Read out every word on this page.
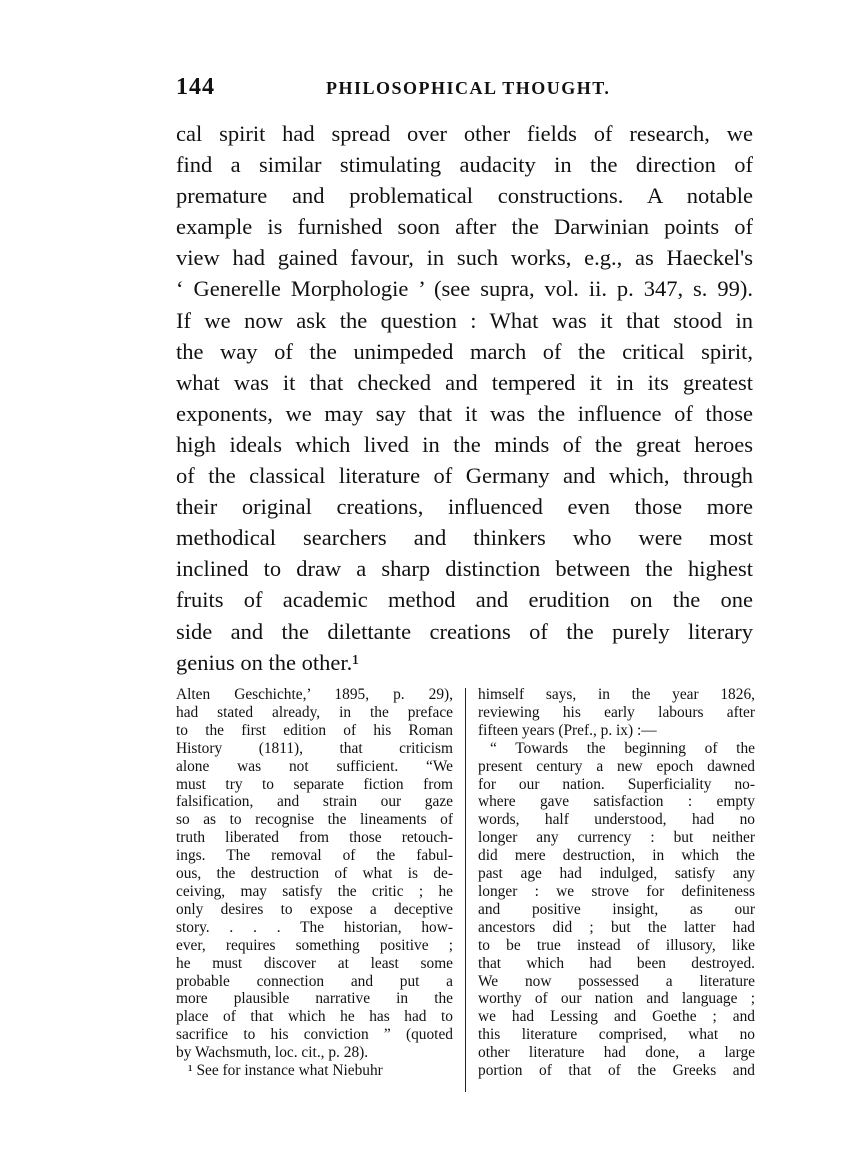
144	PHILOSOPHICAL THOUGHT.

cal spirit had spread over other fields of research, we
find a similar stimulating audacity in the direction of
premature and problematical constructions. A notable
example is furnished soon after the Darwinian points of
view had gained favour, in such works, e.g., as Haeckel's
‘ Generelle Morphologie ’ (see supra, vol. ii. p. 347, s. 99).
If we now ask the question : What was it that stood in
the way of the unimpeded march of the critical spirit,
what was it that checked and tempered it in its greatest
exponents, we may say that it was the influence of those
high ideals which lived in the minds of the great heroes
of the classical literature of Germany and which, through
their original creations, influenced even those more
methodical searchers and thinkers who were most
inclined to draw a sharp distinction between the highest
fruits of academic method and erudition on the one
side and the dilettante creations of the purely literary
genius on the other.¹

Alten Geschichte,’ 1895, p. 29),
had stated already, in the preface
to the first edition of his Roman
History (1811), that criticism
alone was not sufficient. “We
must try to separate fiction from
falsification, and strain our gaze
so as to recognise the lineaments of
truth liberated from those retouch-
ings. The removal of the fabul-
ous, the destruction of what is de-
ceiving, may satisfy the critic ; he
only desires to expose a deceptive
story. . . . The historian, how-
ever, requires something positive ;
he must discover at least some
probable connection and put a
more plausible narrative in the
place of that which he has had to
sacrifice to his conviction ” (quoted
by Wachsmuth, loc. cit., p. 28).
¹ See for instance what Niebuhr
himself says, in the year 1826,
reviewing his early labours after
fifteen years (Pref., p. ix) :—
“ Towards the beginning of the
present century a new epoch dawned
for our nation. Superficiality no-
where gave satisfaction : empty
words, half understood, had no
longer any currency : but neither
did mere destruction, in which the
past age had indulged, satisfy any
longer : we strove for definiteness
and positive insight, as our
ancestors did ; but the latter had
to be true instead of illusory, like
that which had been destroyed.
We now possessed a literature
worthy of our nation and language ;
we had Lessing and Goethe ; and
this literature comprised, what no
other literature had done, a large
portion of that of the Greeks and
